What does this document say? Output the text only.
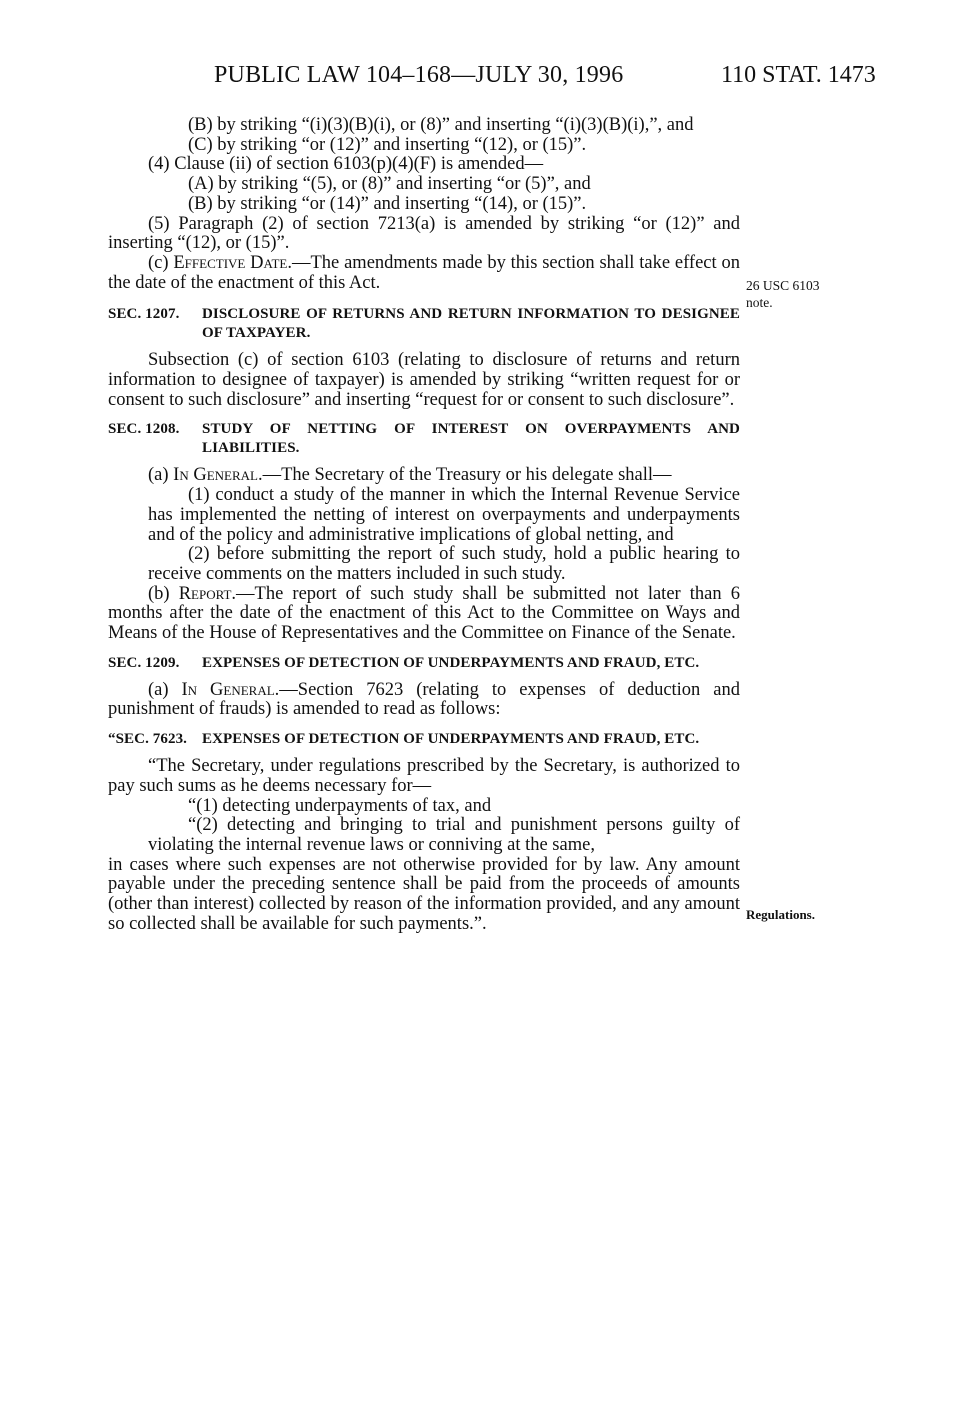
PUBLIC LAW 104–168—JULY 30, 1996	110 STAT. 1473
26 USC 6103
note.
Regulations.

(B) by striking “(i)(3)(B)(i), or (8)” and inserting “(i)(3)(B)(i),”, and

(C) by striking “or (12)” and inserting “(12), or (15)”.

(4) Clause (ii) of section 6103(p)(4)(F) is amended—

(A) by striking “(5), or (8)” and inserting “or (5)”, and

(B) by striking “or (14)” and inserting “(14), or (15)”.

(5) Paragraph (2) of section 7213(a) is amended by striking “or (12)” and inserting “(12), or (15)”.

(c) Effective Date.—The amendments made by this section shall take effect on the date of the enactment of this Act.

SEC. 1207. DISCLOSURE OF RETURNS AND RETURN INFORMATION TO DESIGNEE OF TAXPAYER.

Subsection (c) of section 6103 (relating to disclosure of returns and return information to designee of taxpayer) is amended by striking “written request for or consent to such disclosure” and inserting “request for or consent to such disclosure”.

SEC. 1208. STUDY OF NETTING OF INTEREST ON OVERPAYMENTS AND LIABILITIES.

(a) In General.—The Secretary of the Treasury or his delegate shall—

(1) conduct a study of the manner in which the Internal Revenue Service has implemented the netting of interest on overpayments and underpayments and of the policy and administrative implications of global netting, and

(2) before submitting the report of such study, hold a public hearing to receive comments on the matters included in such study.

(b) Report.—The report of such study shall be submitted not later than 6 months after the date of the enactment of this Act to the Committee on Ways and Means of the House of Representatives and the Committee on Finance of the Senate.

SEC. 1209. EXPENSES OF DETECTION OF UNDERPAYMENTS AND FRAUD, ETC.

(a) In General.—Section 7623 (relating to expenses of deduction and punishment of frauds) is amended to read as follows:

“SEC. 7623. EXPENSES OF DETECTION OF UNDERPAYMENTS AND FRAUD, ETC.

“The Secretary, under regulations prescribed by the Secretary, is authorized to pay such sums as he deems necessary for—

“(1) detecting underpayments of tax, and

“(2) detecting and bringing to trial and punishment persons guilty of violating the internal revenue laws or conniving at the same,

in cases where such expenses are not otherwise provided for by law. Any amount payable under the preceding sentence shall be paid from the proceeds of amounts (other than interest) collected by reason of the information provided, and any amount so collected shall be available for such payments.”.
